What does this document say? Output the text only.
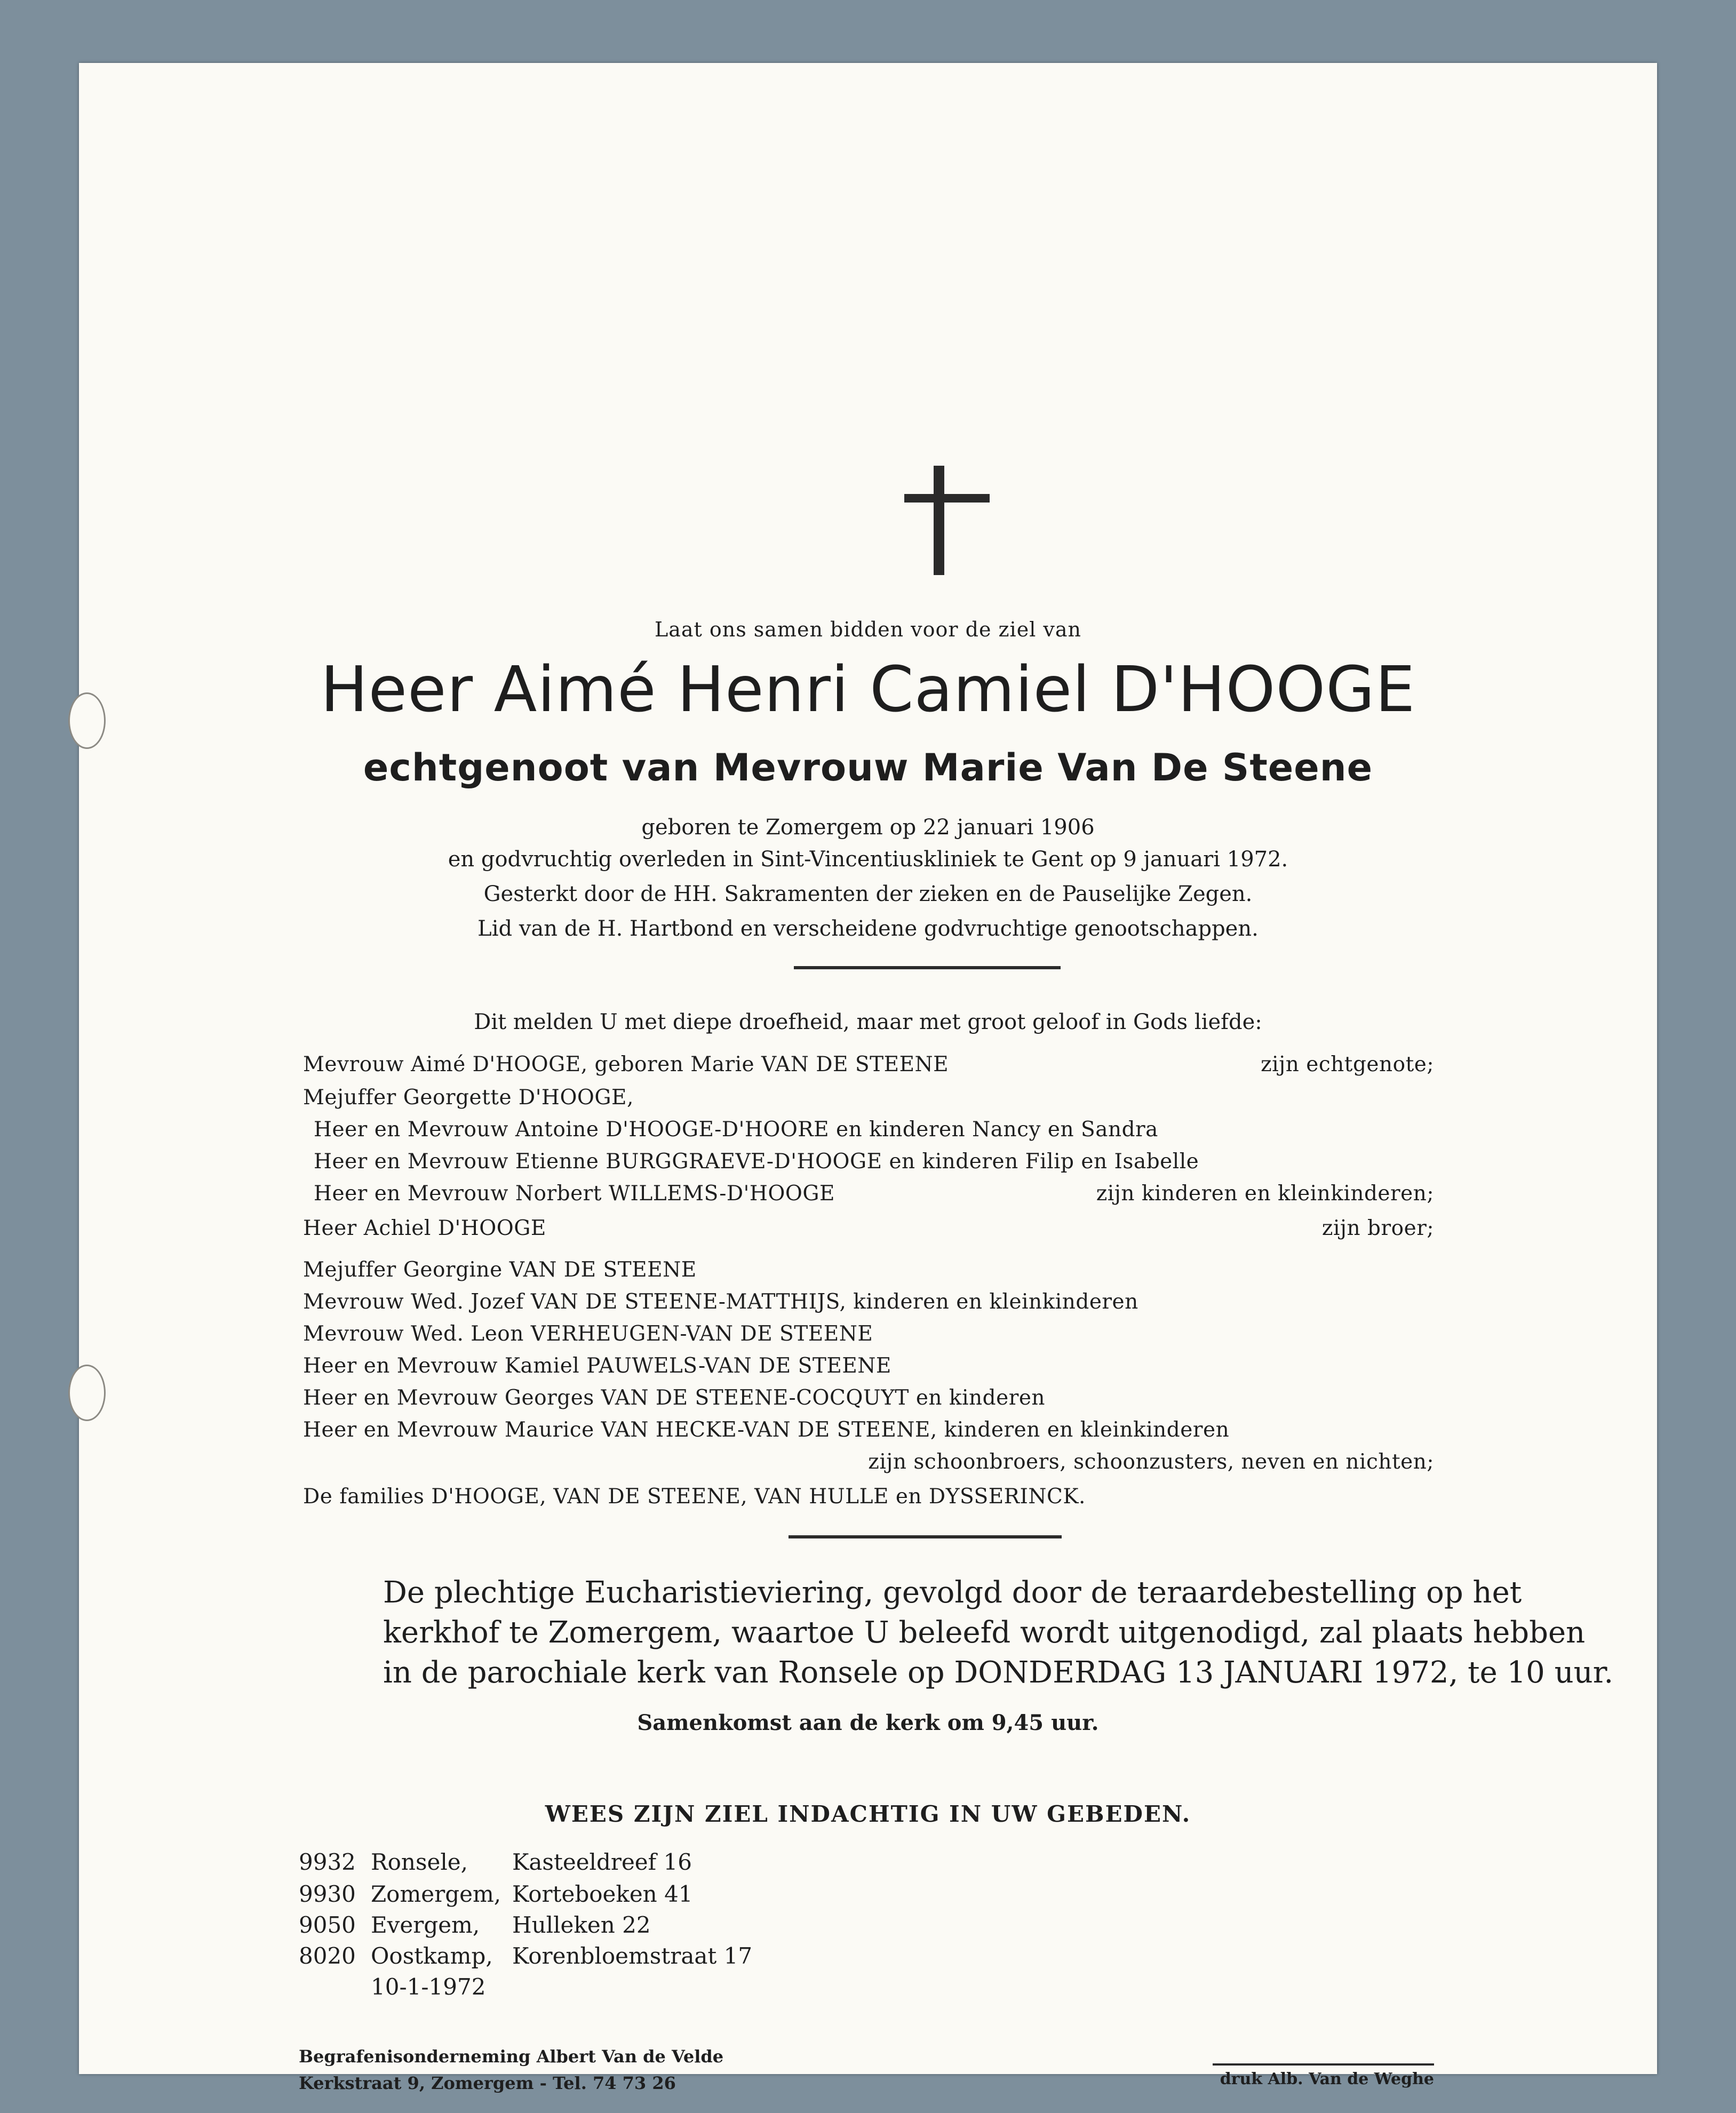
Laat ons samen bidden voor de ziel van
Heer Aimé Henri Camiel D'HOOGE
echtgenoot van Mevrouw Marie Van De Steene
geboren te Zomergem op 22 januari 1906
en godvruchtig overleden in Sint-Vincentiuskliniek te Gent op 9 januari 1972.
Gesterkt door de HH. Sakramenten der zieken en de Pauselijke Zegen.
Lid van de H. Hartbond en verscheidene godvruchtige genootschappen.
Dit melden U met diepe droefheid, maar met groot geloof in Gods liefde:
Mevrouw Aimé D'HOOGE, geboren Marie VAN DE STEENE	zijn echtgenote;
Mejuffer Georgette D'HOOGE,
Heer en Mevrouw Antoine D'HOOGE-D'HOORE en kinderen Nancy en Sandra
Heer en Mevrouw Etienne BURGGRAEVE-D'HOOGE en kinderen Filip en Isabelle
Heer en Mevrouw Norbert WILLEMS-D'HOOGE	zijn kinderen en kleinkinderen;
Heer Achiel D'HOOGE	zijn broer;
Mejuffer Georgine VAN DE STEENE
Mevrouw Wed. Jozef VAN DE STEENE-MATTHIJS, kinderen en kleinkinderen
Mevrouw Wed. Leon VERHEUGEN-VAN DE STEENE
Heer en Mevrouw Kamiel PAUWELS-VAN DE STEENE
Heer en Mevrouw Georges VAN DE STEENE-COCQUYT en kinderen
Heer en Mevrouw Maurice VAN HECKE-VAN DE STEENE, kinderen en kleinkinderen
zijn schoonbroers, schoonzusters, neven en nichten;
De families D'HOOGE, VAN DE STEENE, VAN HULLE en DYSSERINCK.
De plechtige Eucharistieviering, gevolgd door de teraardebestelling op het
kerkhof te Zomergem, waartoe U beleefd wordt uitgenodigd, zal plaats hebben
in de parochiale kerk van Ronsele op DONDERDAG 13 JANUARI 1972, te 10 uur.
Samenkomst aan de kerk om 9,45 uur.
WEES ZIJN ZIEL INDACHTIG IN UW GEBEDEN.
9932 Ronsele, Kasteeldreef 16
9930 Zomergem, Korteboeken 41
9050 Evergem, Hulleken 22
8020 Oostkamp, Korenbloemstraat 17
10-1-1972
Begrafenisonderneming Albert Van de Velde
Kerkstraat 9, Zomergem - Tel. 74 73 26	druk Alb. Van de Weghe
